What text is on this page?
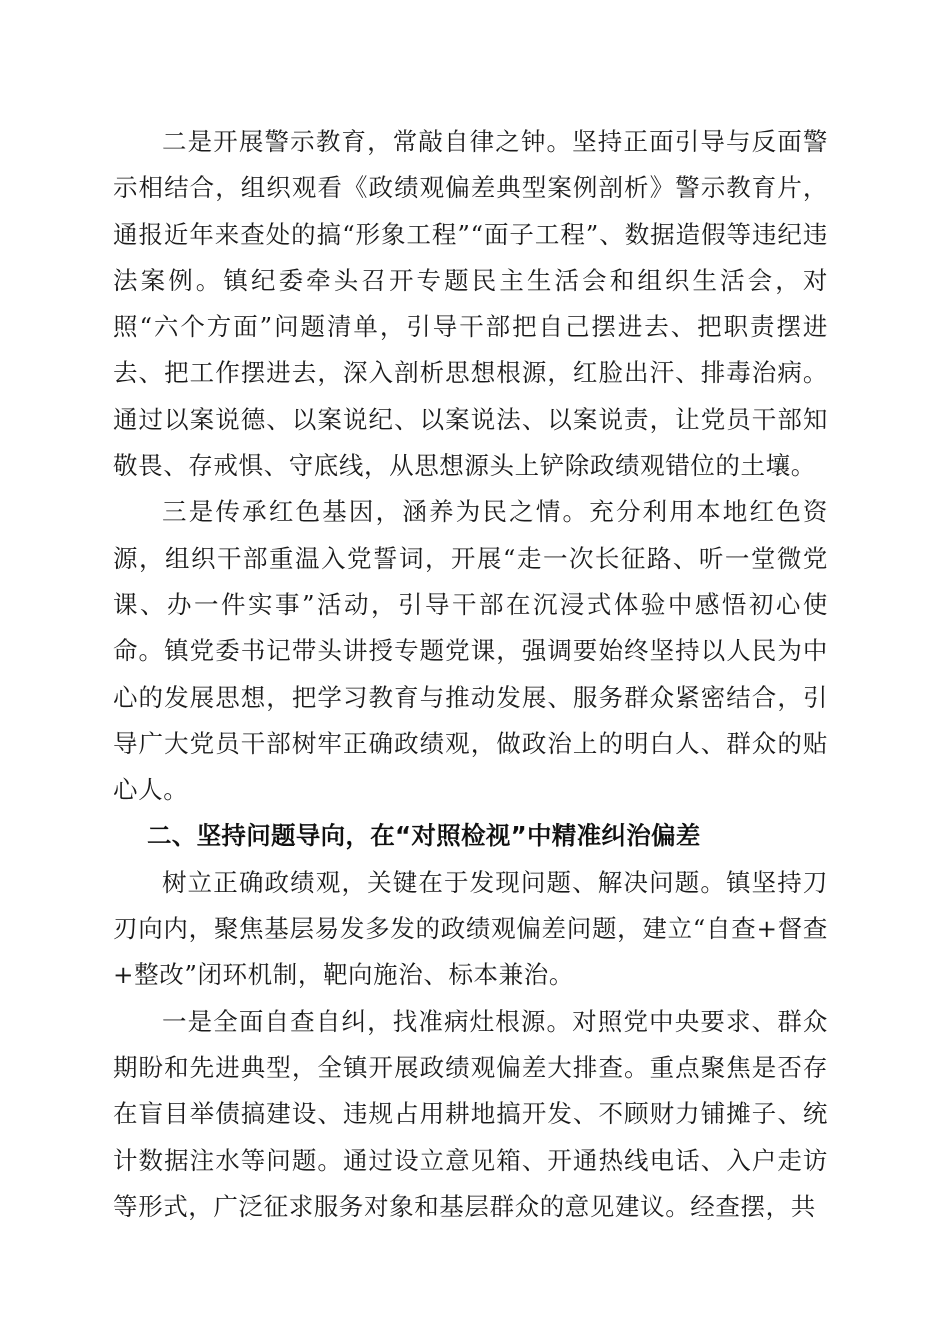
二是开展警示教育，常敲自律之钟。坚持正面引导与反面警示相结合，组织观看《政绩观偏差典型案例剖析》警示教育片，通报近年来查处的搞“形象工程”“面子工程”、数据造假等违纪违法案例。镇纪委牵头召开专题民主生活会和组织生活会，对照“六个方面”问题清单，引导干部把自己摆进去、把职责摆进去、把工作摆进去，深入剖析思想根源，红脸出汗、排毒治病。通过以案说德、以案说纪、以案说法、以案说责，让党员干部知敬畏、存戒惧、守底线，从思想源头上铲除政绩观错位的土壤。

三是传承红色基因，涵养为民之情。充分利用本地红色资源，组织干部重温入党誓词，开展“走一次长征路、听一堂微党课、办一件实事”活动，引导干部在沉浸式体验中感悟初心使命。镇党委书记带头讲授专题党课，强调要始终坚持以人民为中心的发展思想，把学习教育与推动发展、服务群众紧密结合，引导广大党员干部树牢正确政绩观，做政治上的明白人、群众的贴心人。

二、坚持问题导向，在“对照检视”中精准纠治偏差

树立正确政绩观，关键在于发现问题、解决问题。镇坚持刀刃向内，聚焦基层易发多发的政绩观偏差问题，建立“自查+督查+整改”闭环机制，靶向施治、标本兼治。

一是全面自查自纠，找准病灶根源。对照党中央要求、群众期盼和先进典型，全镇开展政绩观偏差大排查。重点聚焦是否存在盲目举债搞建设、违规占用耕地搞开发、不顾财力铺摊子、统计数据注水等问题。通过设立意见箱、开通热线电话、入户走访等形式，广泛征求服务对象和基层群众的意见建议。经查摆，共
